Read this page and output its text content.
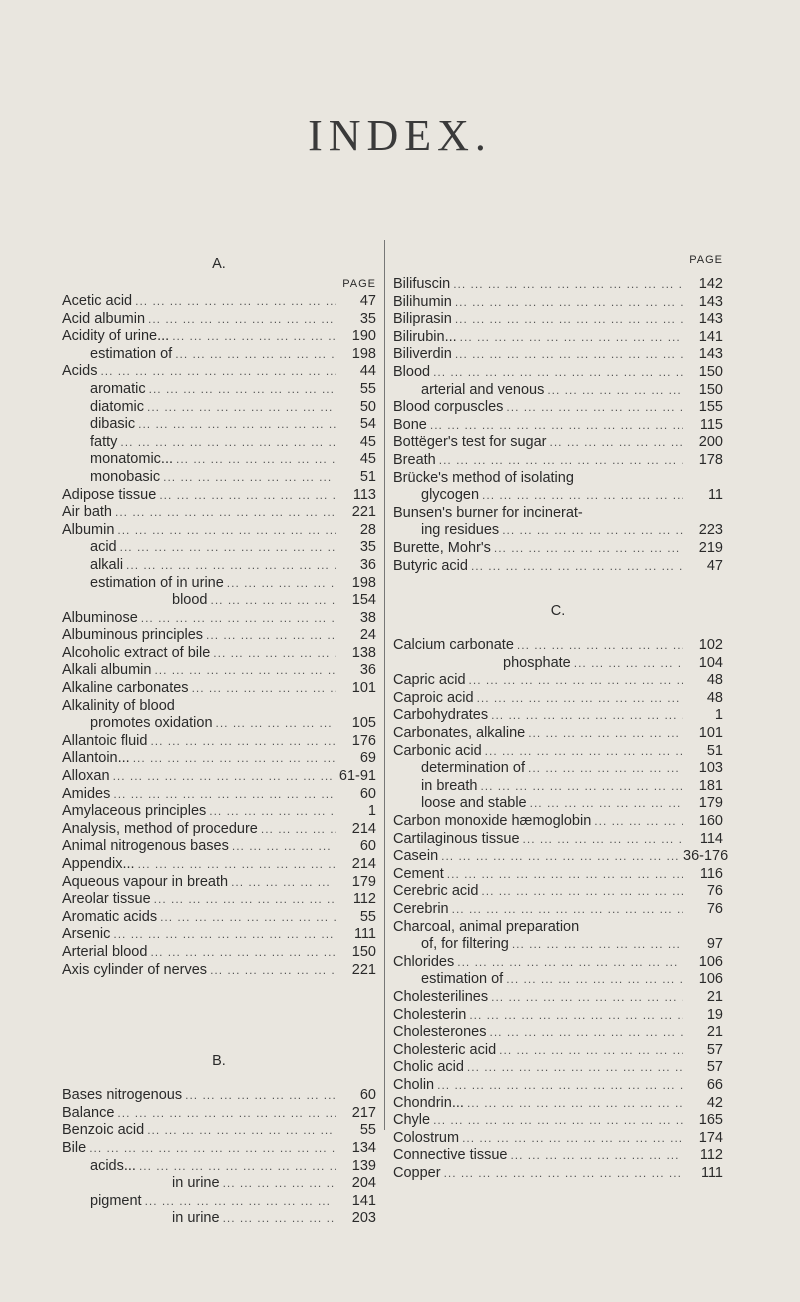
INDEX.
A.
PAGE
Acetic acid ... .	47
Acid albumin ... .	35
Acidity of urine... ... .	190
estimation of ... .	198
Acids ... .	44
aromatic ... .	55
diatomic ... .	50
dibasic ... .	54
fatty ... .	45
monatomic... ... .	45
monobasic ... .	51
Adipose tissue ... .	113
Air bath ... .	221
Albumin ... .	28
acid ... .	35
alkali ... .	36
estimation of in urine ... .	198
blood ... .	154
Albuminose ... .	38
Albuminous principles ... .	24
Alcoholic extract of bile ... .	138
Alkali albumin ... .	36
Alkaline carbonates ... .	101
Alkalinity of blood
promotes oxidation ... .	105
Allantoic fluid ... .	176
Allantoin... ... .	69
Alloxan ... .	61-91
Amides ... .	60
Amylaceous principles ... .	1
Analysis, method of procedure ... .	214
Animal nitrogenous bases ... .	60
Appendix... ... .	214
Aqueous vapour in breath ... .	179
Areolar tissue ... .	112
Aromatic acids ... .	55
Arsenic ... .	111
Arterial blood ... .	150
Axis cylinder of nerves ... .	221
B.
Bases nitrogenous ... .	60
Balance ... .	217
Benzoic acid ... .	55
Bile ... .	134
acids... ... .	139
in urine ... .	204
pigment ... .	141
in urine ... .	203
PAGE
Bilifuscin ... .	142
Bilihumin ... .	143
Biliprasin ... .	143
Bilirubin... ... .	141
Biliverdin ... .	143
Blood ... .	150
arterial and venous ... .	150
Blood corpuscles ... .	155
Bone ... .	115
Bottëger's test for sugar ... .	200
Breath ... .	178
Brücke's method of isolating
glycogen ... .	11
Bunsen's burner for incinerat-
ing residues ... .	223
Burette, Mohr's ... .	219
Butyric acid ... .	47
C.
Calcium carbonate ... .	102
phosphate ... .	104
Capric acid ... .	48
Caproic acid ... .	48
Carbohydrates ... .	1
Carbonates, alkaline ... .	101
Carbonic acid ... .	51
determination of ... .	103
in breath ... .	181
loose and stable ... .	179
Carbon monoxide hæmoglobin ... .	160
Cartilaginous tissue ... .	114
Casein ... .	36-176
Cement ... .	116
Cerebric acid ... .	76
Cerebrin ... .	76
Charcoal, animal preparation
of, for filtering ... .	97
Chlorides ... .	106
estimation of ... .	106
Cholesterilines ... .	21
Cholesterin ... .	19
Cholesterones ... .	21
Cholesteric acid ... .	57
Cholic acid ... .	57
Cholin ... .	66
Chondrin... ... .	42
Chyle ... .	165
Colostrum ... .	174
Connective tissue ... .	112
Copper ... .	111
